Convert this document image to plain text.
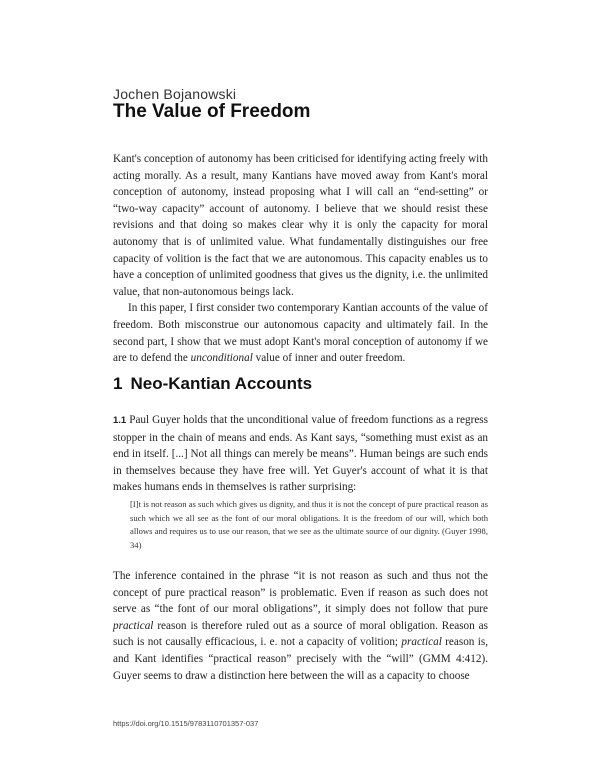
Jochen Bojanowski
The Value of Freedom

Kant's conception of autonomy has been criticised for identifying acting freely with acting morally. As a result, many Kantians have moved away from Kant's moral conception of autonomy, instead proposing what I will call an “end-setting” or “two-way capacity” account of autonomy. I believe that we should resist these revisions and that doing so makes clear why it is only the capacity for moral autonomy that is of unlimited value. What fundamentally distinguishes our free capacity of volition is the fact that we are autonomous. This capacity enables us to have a conception of unlimited goodness that gives us the dignity, i.e. the unlimited value, that non-autonomous beings lack.

In this paper, I first consider two contemporary Kantian accounts of the value of freedom. Both misconstrue our autonomous capacity and ultimately fail. In the second part, I show that we must adopt Kant's moral conception of autonomy if we are to defend the unconditional value of inner and outer freedom.

1 Neo-Kantian Accounts

1.1 Paul Guyer holds that the unconditional value of freedom functions as a regress stopper in the chain of means and ends. As Kant says, “something must exist as an end in itself. [...] Not all things can merely be means”. Human beings are such ends in themselves because they have free will. Yet Guyer's account of what it is that makes humans ends in themselves is rather surprising:

[I]t is not reason as such which gives us dignity, and thus it is not the concept of pure practical reason as such which we all see as the font of our moral obligations. It is the freedom of our will, which both allows and requires us to use our reason, that we see as the ultimate source of our dignity. (Guyer 1998, 34)

The inference contained in the phrase “it is not reason as such and thus not the concept of pure practical reason” is problematic. Even if reason as such does not serve as “the font of our moral obligations”, it simply does not follow that pure practical reason is therefore ruled out as a source of moral obligation. Reason as such is not causally efficacious, i. e. not a capacity of volition; practical reason is, and Kant identifies “practical reason” precisely with the “will” (GMM 4:412). Guyer seems to draw a distinction here between the will as a capacity to choose

https://doi.org/10.1515/9783110701357-037
